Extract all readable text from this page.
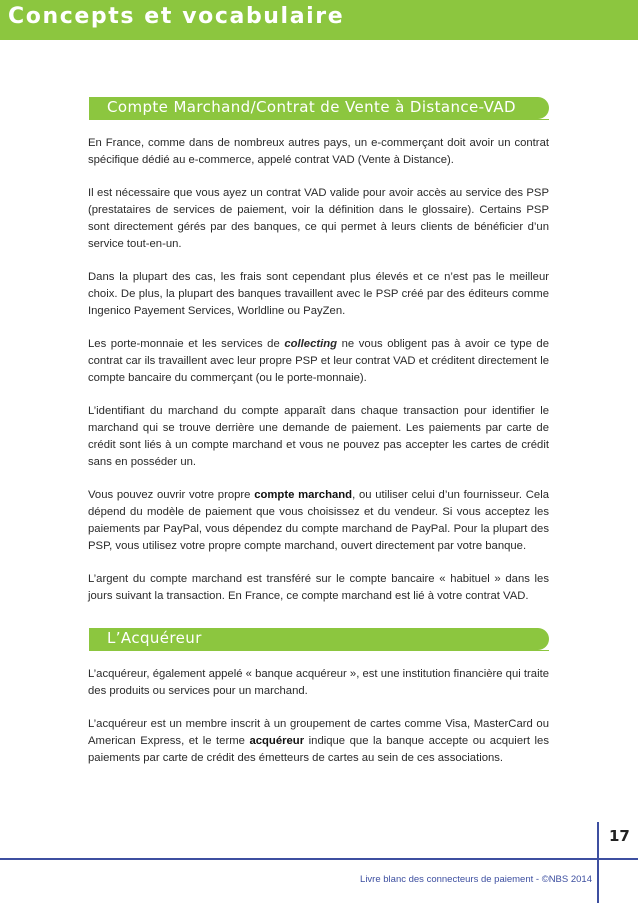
Concepts et vocabulaire
Compte Marchand/Contrat de Vente à Distance-VAD

En France, comme dans de nombreux autres pays, un e-commerçant doit avoir un contrat spécifique dédié au e-commerce, appelé contrat VAD (Vente à Distance).

Il est nécessaire que vous ayez un contrat VAD valide pour avoir accès au service des PSP (prestataires de services de paiement, voir la définition dans le glossaire). Certains PSP sont directement gérés par des banques, ce qui permet à leurs clients de bénéficier d’un service tout-en-un.

Dans la plupart des cas, les frais sont cependant plus élevés et ce n’est pas le meilleur choix. De plus, la plupart des banques travaillent avec le PSP créé par des éditeurs comme Ingenico Payement Services, Worldline ou PayZen.

Les porte-monnaie et les services de collecting ne vous obligent pas à avoir ce type de contrat car ils travaillent avec leur propre PSP et leur contrat VAD et créditent directement le compte bancaire du commerçant (ou le porte-monnaie).

L’identifiant du marchand du compte apparaît dans chaque transaction pour identifier le marchand qui se trouve derrière une demande de paiement. Les paiements par carte de crédit sont liés à un compte marchand et vous ne pouvez pas accepter les cartes de crédit sans en posséder un.

Vous pouvez ouvrir votre propre compte marchand, ou utiliser celui d’un fournisseur. Cela dépend du modèle de paiement que vous choisissez et du vendeur. Si vous acceptez les paiements par PayPal, vous dépendez du compte marchand de PayPal. Pour la plupart des PSP, vous utilisez votre propre compte marchand, ouvert directement par votre banque.

L’argent du compte marchand est transféré sur le compte bancaire « habituel » dans les jours suivant la transaction. En France, ce compte marchand est lié à votre contrat VAD.

L’Acquéreur

L’acquéreur, également appelé « banque acquéreur », est une institution financière qui traite des produits ou services pour un marchand.

L’acquéreur est un membre inscrit à un groupement de cartes comme Visa, MasterCard ou American Express, et le terme acquéreur indique que la banque accepte ou acquiert les paiements par carte de crédit des émetteurs de cartes au sein de ces associations.

Livre blanc des connecteurs de paiement - ©NBS 2014
17
